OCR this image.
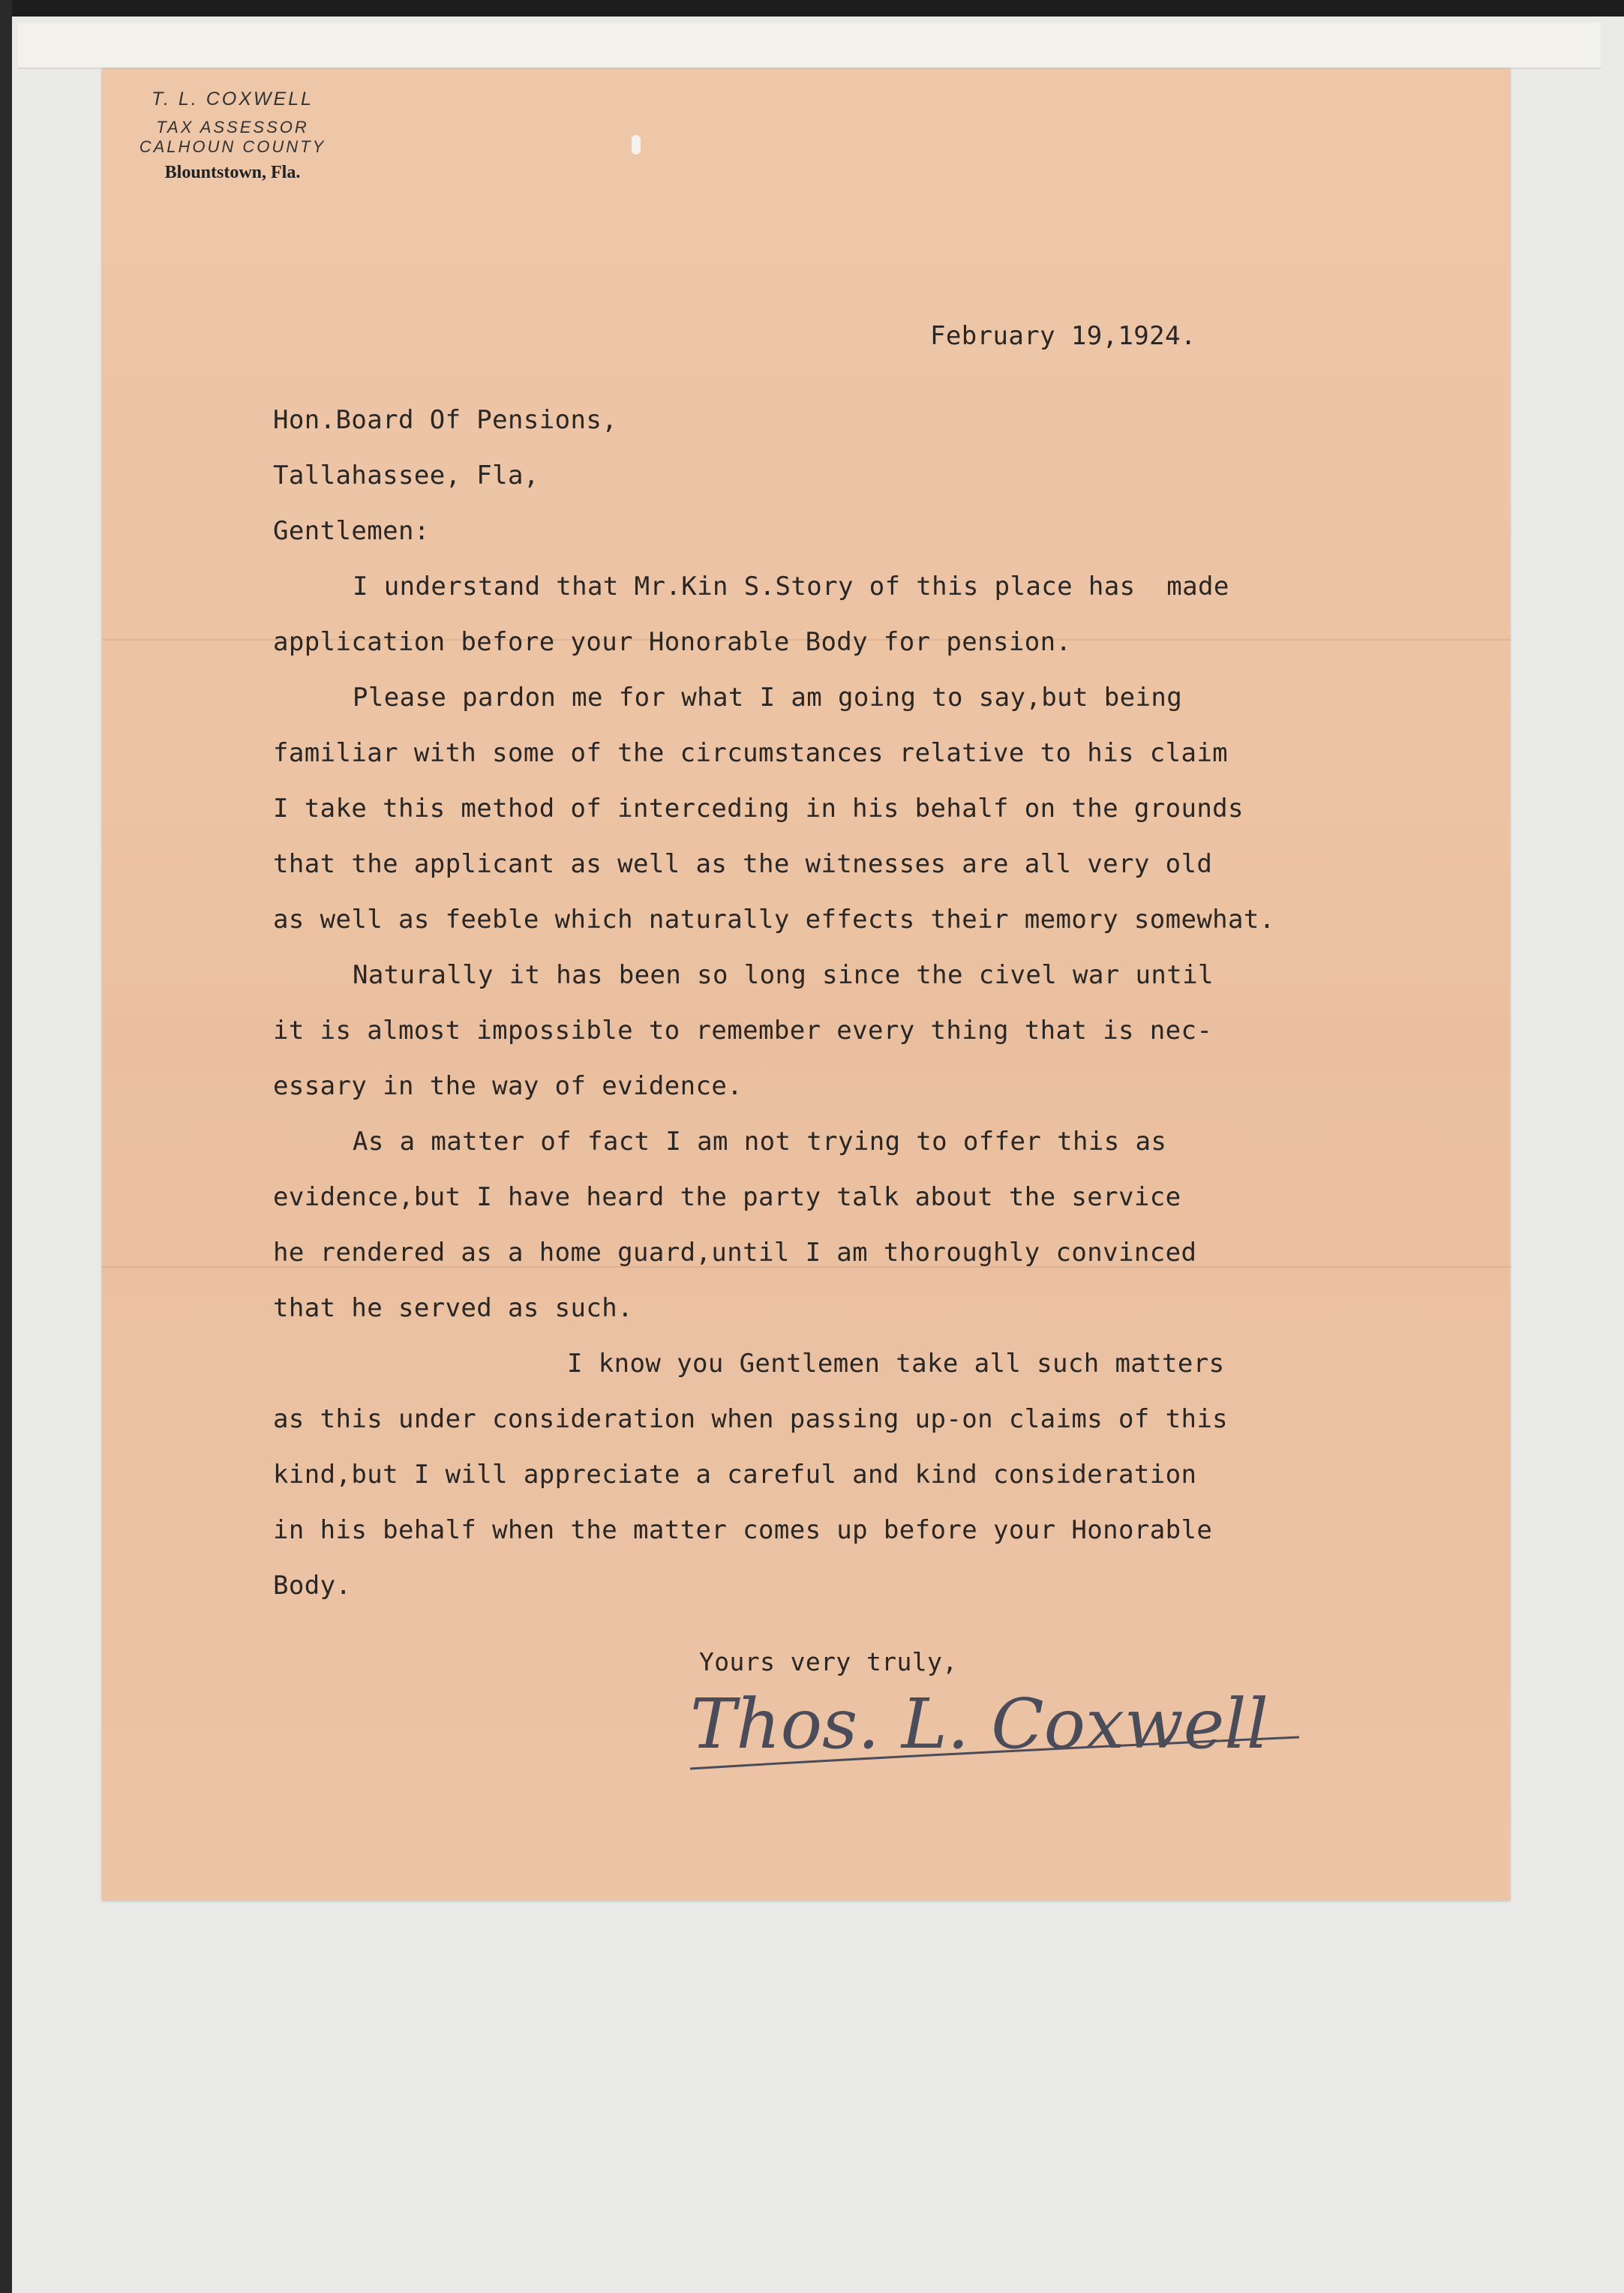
T. L. COXWELL
TAX ASSESSOR
CALHOUN COUNTY
Blountstown, Fla.
February 19,1924.
Hon.Board Of Pensions,
Tallahassee, Fla,
Gentlemen:
I understand that Mr.Kin S.Story of this place has  made
application before your Honorable Body for pension.
Please pardon me for what I am going to say,but being
familiar with some of the circumstances relative to his claim
I take this method of interceding in his behalf on the grounds
that the applicant as well as the witnesses are all very old
as well as feeble which naturally effects their memory somewhat.
Naturally it has been so long since the civel war until
it is almost impossible to remember every thing that is nec-
essary in the way of evidence.
As a matter of fact I am not trying to offer this as
evidence,but I have heard the party talk about the service
he rendered as a home guard,until I am thoroughly convinced
that he served as such.
I know you Gentlemen take all such matters
as this under consideration when passing up-on claims of this
kind,but I will appreciate a careful and kind consideration
in his behalf when the matter comes up before your Honorable
Body.
Yours very truly,
Thos. L. Coxwell
